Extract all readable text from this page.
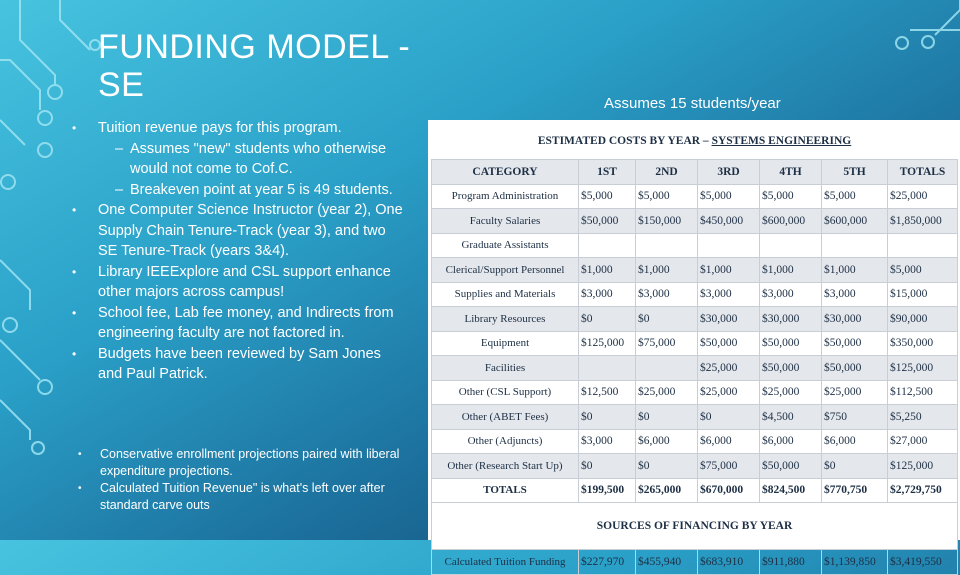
FUNDING MODEL - SE
• Tuition revenue pays for this program.
– Assumes "new" students who otherwise would not come to Cof.C.
– Breakeven point at year 5 is 49 students.
• One Computer Science Instructor (year 2), One Supply Chain Tenure-Track (year 3), and two SE Tenure-Track (years 3&4).
• Library IEEExplore and CSL support enhance other majors across campus!
• School fee, Lab fee money, and Indirects from engineering faculty are not factored in.
• Budgets have been reviewed by Sam Jones and Paul Patrick.
• Conservative enrollment projections paired with liberal expenditure projections.
• Calculated Tuition Revenue" is what's left over after standard carve outs
Assumes 15 students/year
ESTIMATED COSTS BY YEAR – SYSTEMS ENGINEERING						
CATEGORY	1ST	2ND	3RD	4TH	5TH	TOTALS
Program Administration	$5,000	$5,000	$5,000	$5,000	$5,000	$25,000
Faculty Salaries	$50,000	$150,000	$450,000	$600,000	$600,000	$1,850,000
Graduate Assistants						
Clerical/Support Personnel	$1,000	$1,000	$1,000	$1,000	$1,000	$5,000
Supplies and Materials	$3,000	$3,000	$3,000	$3,000	$3,000	$15,000
Library Resources	$0	$0	$30,000	$30,000	$30,000	$90,000
Equipment	$125,000	$75,000	$50,000	$50,000	$50,000	$350,000
Facilities			$25,000	$50,000	$50,000	$125,000
Other (CSL Support)	$12,500	$25,000	$25,000	$25,000	$25,000	$112,500
Other (ABET Fees)	$0	$0	$0	$4,500	$750	$5,250
Other (Adjuncts)	$3,000	$6,000	$6,000	$6,000	$6,000	$27,000
Other (Research Start Up)	$0	$0	$75,000	$50,000	$0	$125,000
TOTALS	$199,500	$265,000	$670,000	$824,500	$770,750	$2,729,750
SOURCES OF FINANCING BY YEAR						
Calculated Tuition Funding	$227,970	$455,940	$683,910	$911,880	$1,139,850	$3,419,550
